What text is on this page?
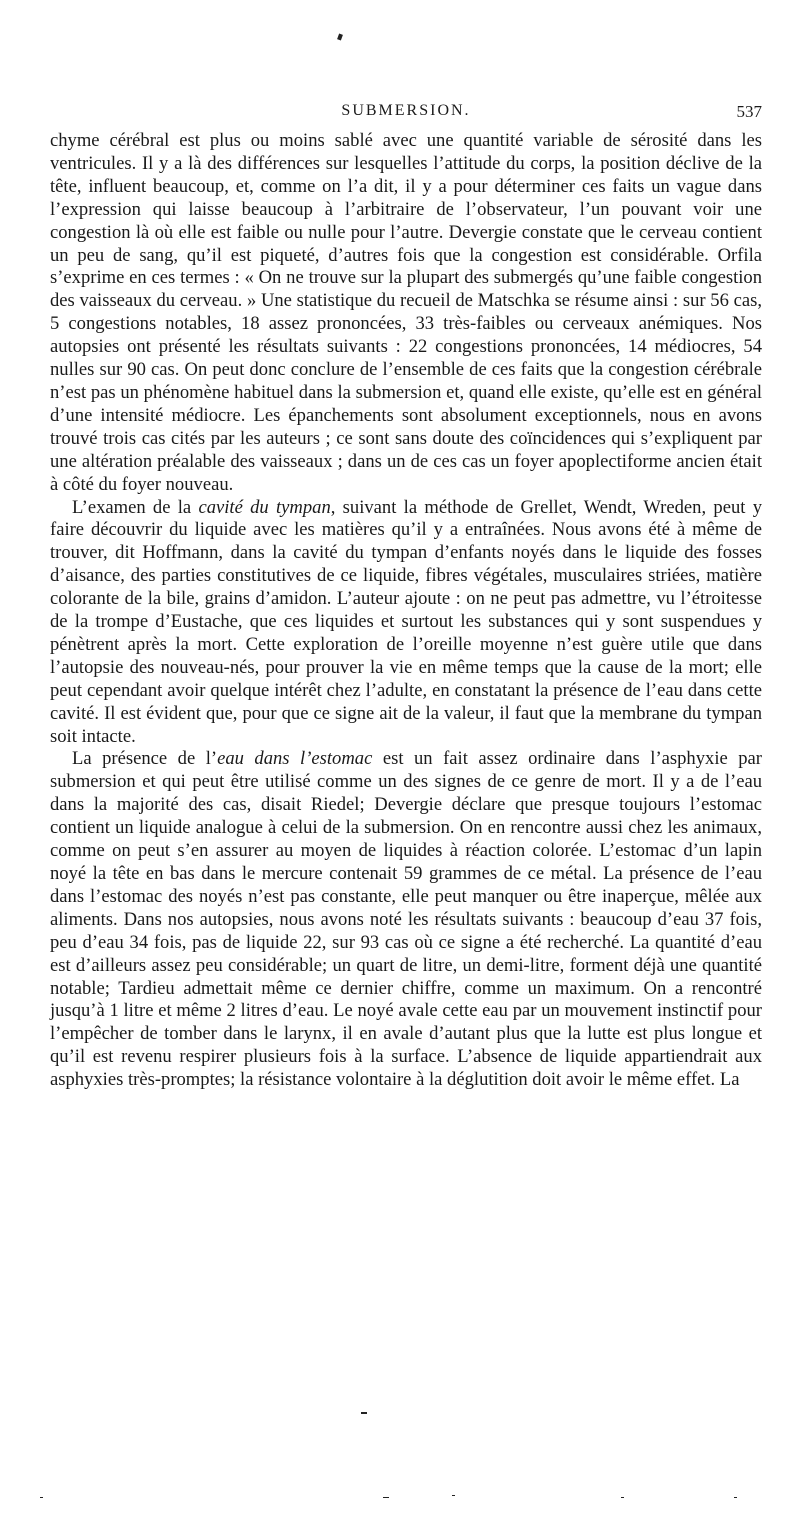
SUBMERSION.	537

chyme cérébral est plus ou moins sablé avec une quantité variable de sérosité dans les ventricules. Il y a là des différences sur lesquelles l’attitude du corps, la position déclive de la tête, influent beaucoup, et, comme on l’a dit, il y a pour déterminer ces faits un vague dans l’expression qui laisse beaucoup à l’arbitraire de l’observateur, l’un pouvant voir une congestion là où elle est faible ou nulle pour l’autre. Devergie constate que le cerveau contient un peu de sang, qu’il est piqueté, d’autres fois que la congestion est considérable. Orfila s’exprime en ces termes : « On ne trouve sur la plupart des submergés qu’une faible congestion des vaisseaux du cerveau. » Une statistique du recueil de Matschka se résume ainsi : sur 56 cas, 5 congestions notables, 18 assez prononcées, 33 très-faibles ou cerveaux anémiques. Nos autopsies ont présenté les résultats suivants : 22 congestions prononcées, 14 médiocres, 54 nulles sur 90 cas. On peut donc conclure de l’ensemble de ces faits que la congestion cérébrale n’est pas un phénomène habituel dans la submersion et, quand elle existe, qu’elle est en général d’une intensité médiocre. Les épanchements sont absolument exceptionnels, nous en avons trouvé trois cas cités par les auteurs ; ce sont sans doute des coïncidences qui s’expliquent par une altération préalable des vaisseaux ; dans un de ces cas un foyer apoplectiforme ancien était à côté du foyer nouveau.

L’examen de la cavité du tympan, suivant la méthode de Grellet, Wendt, Wreden, peut y faire découvrir du liquide avec les matières qu’il y a entraînées. Nous avons été à même de trouver, dit Hoffmann, dans la cavité du tympan d’enfants noyés dans le liquide des fosses d’aisance, des parties constitutives de ce liquide, fibres végétales, musculaires striées, matière colorante de la bile, grains d’amidon. L’auteur ajoute : on ne peut pas admettre, vu l’étroitesse de la trompe d’Eustache, que ces liquides et surtout les substances qui y sont suspendues y pénètrent après la mort. Cette exploration de l’oreille moyenne n’est guère utile que dans l’autopsie des nouveau-nés, pour prouver la vie en même temps que la cause de la mort; elle peut cependant avoir quelque intérêt chez l’adulte, en constatant la présence de l’eau dans cette cavité. Il est évident que, pour que ce signe ait de la valeur, il faut que la membrane du tympan soit intacte.

La présence de l’eau dans l’estomac est un fait assez ordinaire dans l’asphyxie par submersion et qui peut être utilisé comme un des signes de ce genre de mort. Il y a de l’eau dans la majorité des cas, disait Riedel; Devergie déclare que presque toujours l’estomac contient un liquide analogue à celui de la submersion. On en rencontre aussi chez les animaux, comme on peut s’en assurer au moyen de liquides à réaction colorée. L’estomac d’un lapin noyé la tête en bas dans le mercure contenait 59 grammes de ce métal. La présence de l’eau dans l’estomac des noyés n’est pas constante, elle peut manquer ou être inaperçue, mêlée aux aliments. Dans nos autopsies, nous avons noté les résultats suivants : beaucoup d’eau 37 fois, peu d’eau 34 fois, pas de liquide 22, sur 93 cas où ce signe a été recherché. La quantité d’eau est d’ailleurs assez peu considérable; un quart de litre, un demi-litre, forment déjà une quantité notable; Tardieu admettait même ce dernier chiffre, comme un maximum. On a rencontré jusqu’à 1 litre et même 2 litres d’eau. Le noyé avale cette eau par un mouvement instinctif pour l’empêcher de tomber dans le larynx, il en avale d’autant plus que la lutte est plus longue et qu’il est revenu respirer plusieurs fois à la surface. L’absence de liquide appartiendrait aux asphyxies très-promptes; la résistance volontaire à la déglutition doit avoir le même effet. La
